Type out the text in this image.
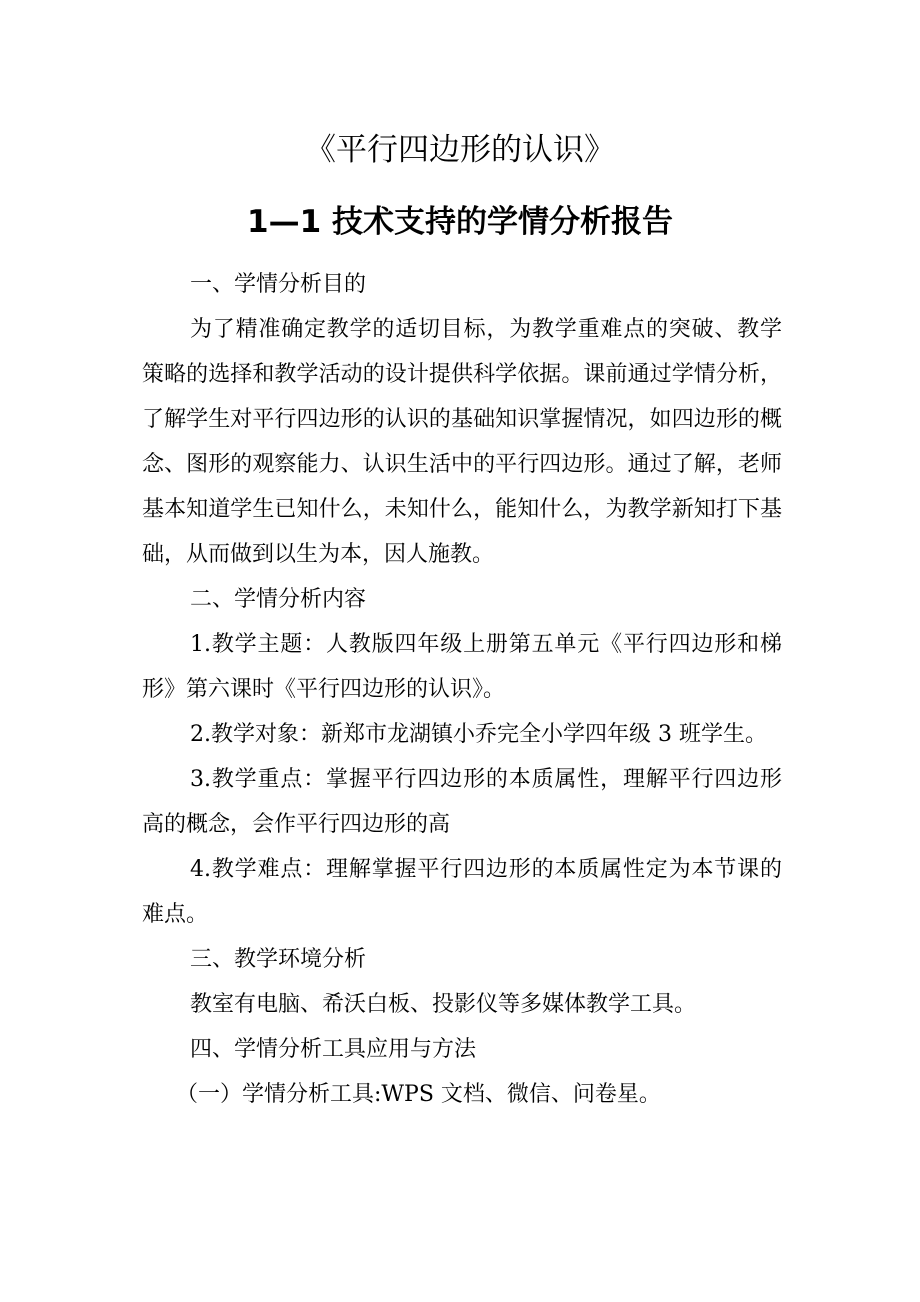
《平行四边形的认识》
1—1 技术支持的学情分析报告

一、学情分析目的

为了精准确定教学的适切目标，为教学重难点的突破、教学策略的选择和教学活动的设计提供科学依据。课前通过学情分析，了解学生对平行四边形的认识的基础知识掌握情况，如四边形的概念、图形的观察能力、认识生活中的平行四边形。通过了解，老师基本知道学生已知什么，未知什么，能知什么，为教学新知打下基础，从而做到以生为本，因人施教。

二、学情分析内容

1.教学主题：人教版四年级上册第五单元《平行四边形和梯形》第六课时《平行四边形的认识》。

2.教学对象：新郑市龙湖镇小乔完全小学四年级 3 班学生。

3.教学重点：掌握平行四边形的本质属性，理解平行四边形高的概念，会作平行四边形的高

4.教学难点：理解掌握平行四边形的本质属性定为本节课的难点。

三、教学环境分析

教室有电脑、希沃白板、投影仪等多媒体教学工具。

四、学情分析工具应用与方法

（一）学情分析工具:WPS 文档、微信、问卷星。
